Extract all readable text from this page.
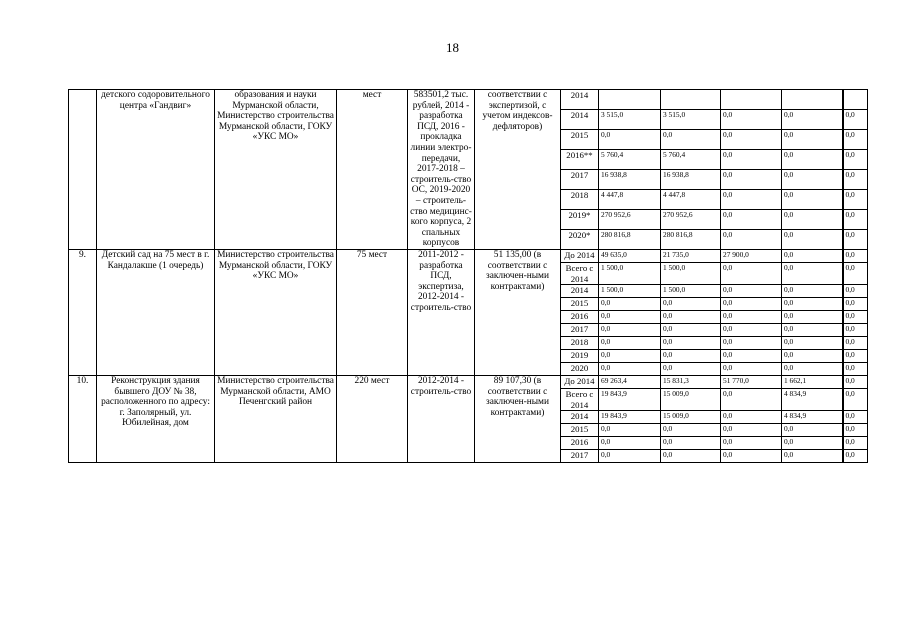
18
	детского содоровительного центра «Гандвиг»	образования и науки Мурманской области, Министерство строительства Мурманской области, ГОКУ «УКС МО»	мест	583501,2 тыс. рублей, 2014 - разработка ПСД, 2016 - прокладка линии электро-передачи, 2017-2018 – строитель-ство ОС, 2019-2020 – строитель-ство медицинс-кого корпуса, 2 спальных корпусов	соответствии с экспертизой, с учетом индексов-дефляторов)	2014					
						2014	3 515,0	3 515,0	0,0	0,0	0,0
						2015	0,0	0,0	0,0	0,0	0,0
						2016**	5 760,4	5 760,4	0,0	0,0	0,0
						2017	16 938,8	16 938,8	0,0	0,0	0,0
						2018	4 447,8	4 447,8	0,0	0,0	0,0
						2019*	270 952,6	270 952,6	0,0	0,0	0,0
						2020*	280 816,8	280 816,8	0,0	0,0	0,0
9.	Детский сад на 75 мест в г. Кандалакше (1 очередь)	Министерство строительства Мурманской области, ГОКУ «УКС МО»	75 мест	2011-2012 - разработка ПСД, экспертиза, 2012-2014 - строитель-ство	51 135,00 (в соответствии с заключен-ными контрактами)	До 2014	49 635,0	21 735,0	27 900,0	0,0	0,0
						Всего с 2014	1 500,0	1 500,0	0,0	0,0	0,0
						2014	1 500,0	1 500,0	0,0	0,0	0,0
						2015	0,0	0,0	0,0	0,0	0,0
						2016	0,0	0,0	0,0	0,0	0,0
						2017	0,0	0,0	0,0	0,0	0,0
						2018	0,0	0,0	0,0	0,0	0,0
						2019	0,0	0,0	0,0	0,0	0,0
						2020	0,0	0,0	0,0	0,0	0,0
10.	Реконструкция здания бывшего ДОУ № 38, расположенного по адресу: г. Заполярный, ул. Юбилейная, дом	Министерство строительства Мурманской области, АМО Печенгский район	220 мест	2012-2014 - строитель-ство	89 107,30 (в соответствии с заключен-ными контрактами)	До 2014	69 263,4	15 831,3	51 770,0	1 662,1	0,0
						Всего с 2014	19 843,9	15 009,0	0,0	4 834,9	0,0
						2014	19 843,9	15 009,0	0,0	4 834,9	0,0
						2015	0,0	0,0	0,0	0,0	0,0
						2016	0,0	0,0	0,0	0,0	0,0
						2017	0,0	0,0	0,0	0,0	0,0
